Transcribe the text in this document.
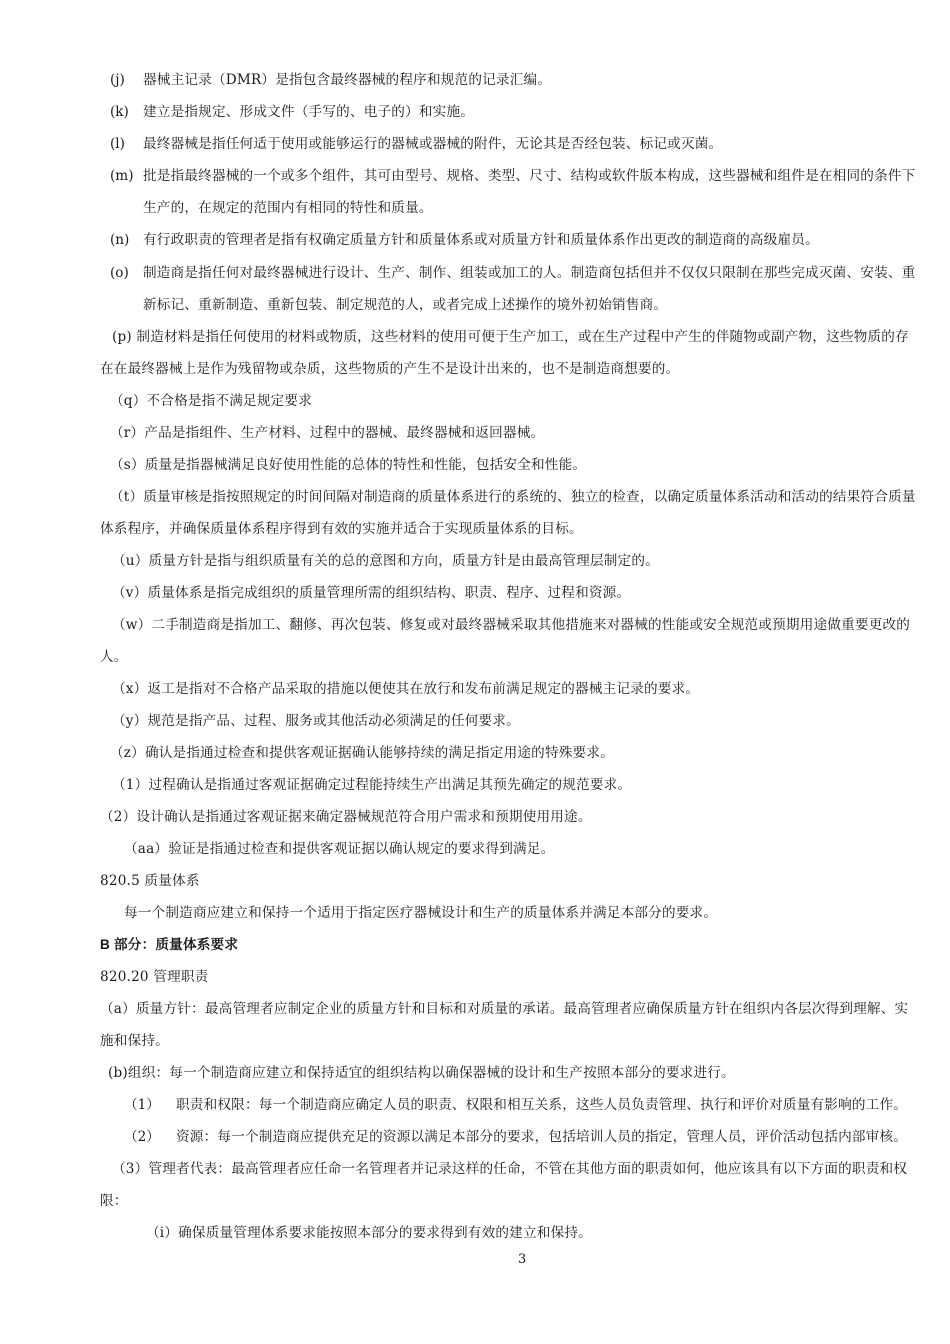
(j) 器械主记录（DMR）是指包含最终器械的程序和规范的记录汇编。
(k) 建立是指规定、形成文件（手写的、电子的）和实施。
(l) 最终器械是指任何适于使用或能够运行的器械或器械的附件，无论其是否经包装、标记或灭菌。
(m) 批是指最终器械的一个或多个组件，其可由型号、规格、类型、尺寸、结构或软件版本构成，这些器械和组件是在相同的条件下
生产的，在规定的范围内有相同的特性和质量。
(n) 有行政职责的管理者是指有权确定质量方针和质量体系或对质量方针和质量体系作出更改的制造商的高级雇员。
(o) 制造商是指任何对最终器械进行设计、生产、制作、组装或加工的人。制造商包括但并不仅仅只限制在那些完成灭菌、安装、重
新标记、重新制造、重新包装、制定规范的人，或者完成上述操作的境外初始销售商。
(p) 制造材料是指任何使用的材料或物质，这些材料的使用可便于生产加工，或在生产过程中产生的伴随物或副产物，这些物质的存
在在最终器械上是作为残留物或杂质，这些物质的产生不是设计出来的，也不是制造商想要的。
（q）不合格是指不满足规定要求
（r）产品是指组件、生产材料、过程中的器械、最终器械和返回器械。
（s）质量是指器械满足良好使用性能的总体的特性和性能，包括安全和性能。
（t）质量审核是指按照规定的时间间隔对制造商的质量体系进行的系统的、独立的检查，以确定质量体系活动和活动的结果符合质量
体系程序，并确保质量体系程序得到有效的实施并适合于实现质量体系的目标。
（u）质量方针是指与组织质量有关的总的意图和方向，质量方针是由最高管理层制定的。
（v）质量体系是指完成组织的质量管理所需的组织结构、职责、程序、过程和资源。
（w）二手制造商是指加工、翻修、再次包装、修复或对最终器械采取其他措施来对器械的性能或安全规范或预期用途做重要更改的
人。
（x）返工是指对不合格产品采取的措施以便使其在放行和发布前满足规定的器械主记录的要求。
（y）规范是指产品、过程、服务或其他活动必须满足的任何要求。
（z）确认是指通过检查和提供客观证据确认能够持续的满足指定用途的特殊要求。
（1）过程确认是指通过客观证据确定过程能持续生产出满足其预先确定的规范要求。
（2）设计确认是指通过客观证据来确定器械规范符合用户需求和预期使用用途。
（aa）验证是指通过检查和提供客观证据以确认规定的要求得到满足。
820.5 质量体系
每一个制造商应建立和保持一个适用于指定医疗器械设计和生产的质量体系并满足本部分的要求。
B 部分：质量体系要求
820.20 管理职责
（a）质量方针：最高管理者应制定企业的质量方针和目标和对质量的承诺。最高管理者应确保质量方针在组织内各层次得到理解、实
施和保持。
(b)组织：每一个制造商应建立和保持适宜的组织结构以确保器械的设计和生产按照本部分的要求进行。
（1） 职责和权限：每一个制造商应确定人员的职责、权限和相互关系，这些人员负责管理、执行和评价对质量有影响的工作。
（2） 资源：每一个制造商应提供充足的资源以满足本部分的要求，包括培训人员的指定，管理人员，评价活动包括内部审核。
（3）管理者代表：最高管理者应任命一名管理者并记录这样的任命，不管在其他方面的职责如何，他应该具有以下方面的职责和权
限：
（i）确保质量管理体系要求能按照本部分的要求得到有效的建立和保持。
3
